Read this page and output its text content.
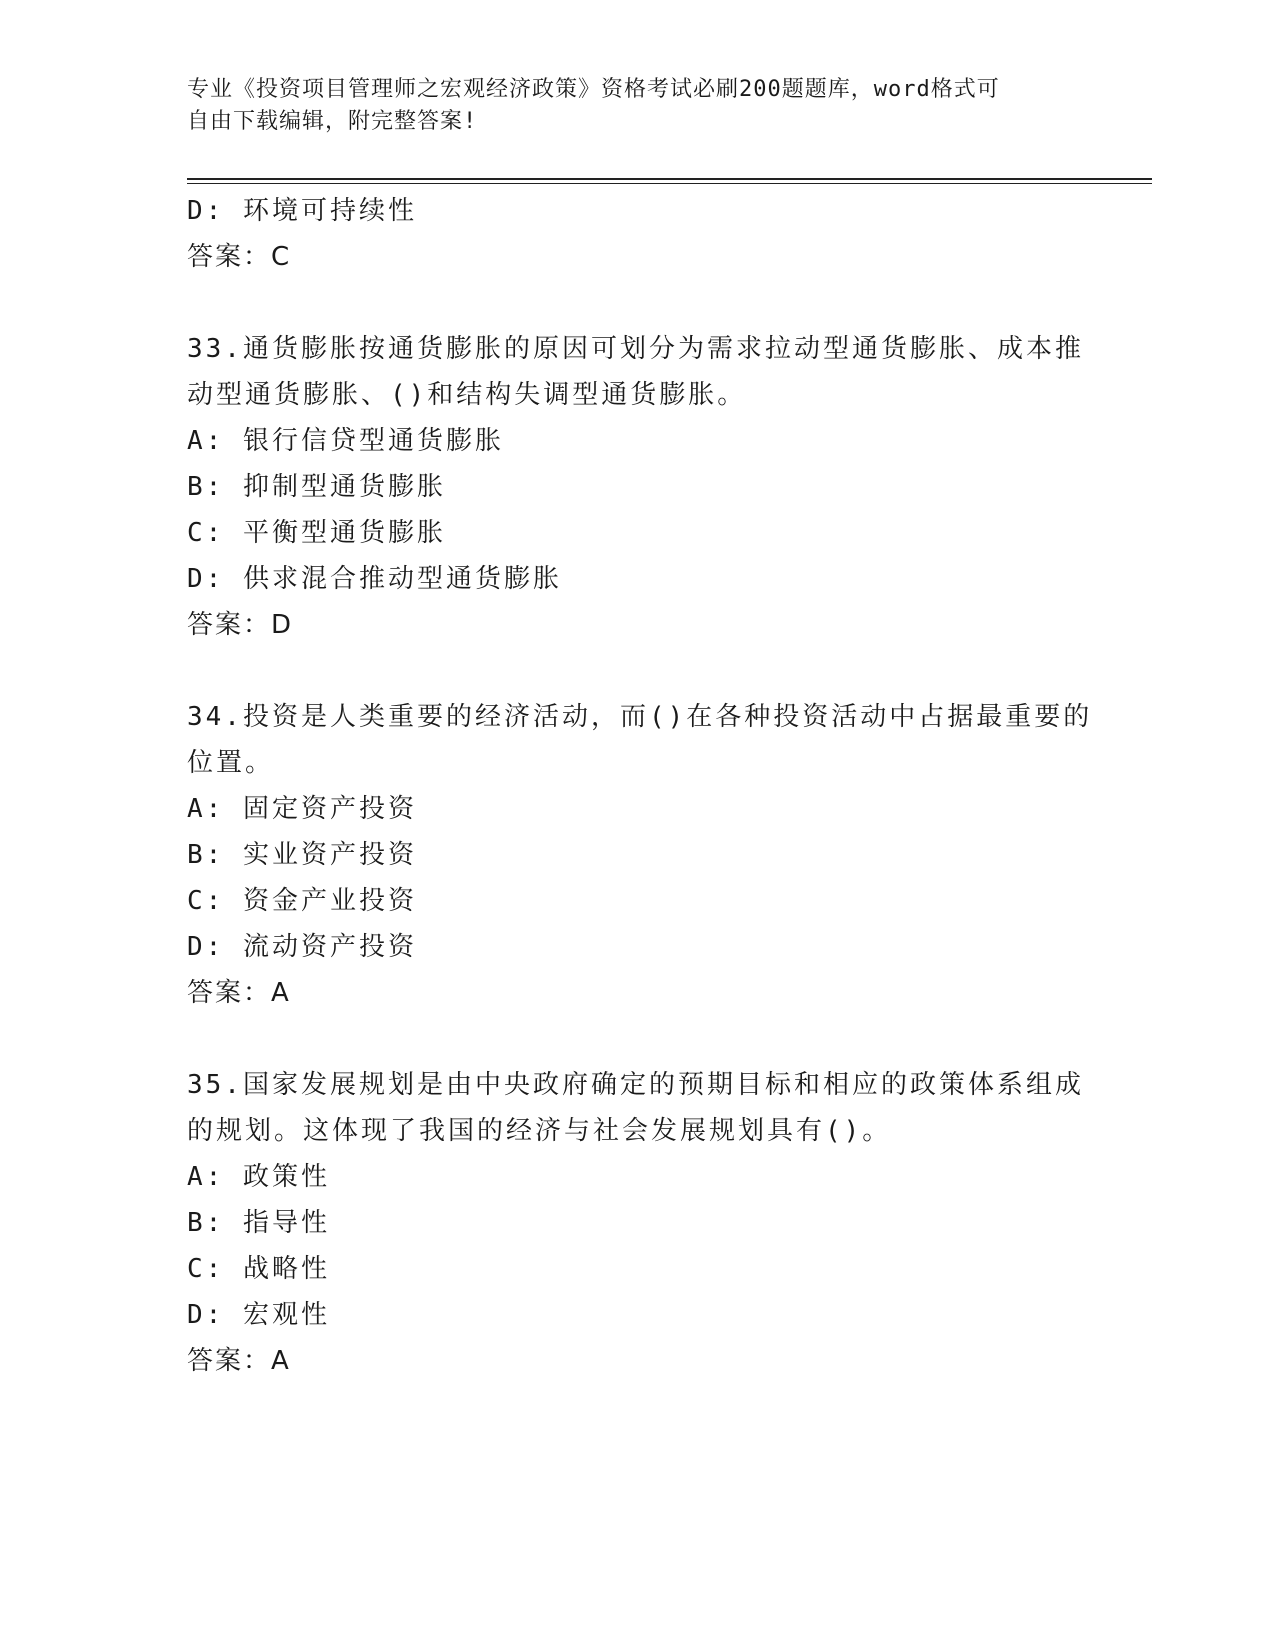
专业《投资项目管理师之宏观经济政策》资格考试必刷200题题库，word格式可
自由下载编辑，附完整答案!
D: 环境可持续性
答案：C
33.通货膨胀按通货膨胀的原因可划分为需求拉动型通货膨胀、成本推
动型通货膨胀、()和结构失调型通货膨胀。
A: 银行信贷型通货膨胀
B: 抑制型通货膨胀
C: 平衡型通货膨胀
D: 供求混合推动型通货膨胀
答案：D
34.投资是人类重要的经济活动，而()在各种投资活动中占据最重要的
位置。
A: 固定资产投资
B: 实业资产投资
C: 资金产业投资
D: 流动资产投资
答案：A
35.国家发展规划是由中央政府确定的预期目标和相应的政策体系组成
的规划。这体现了我国的经济与社会发展规划具有()。
A: 政策性
B: 指导性
C: 战略性
D: 宏观性
答案：A
